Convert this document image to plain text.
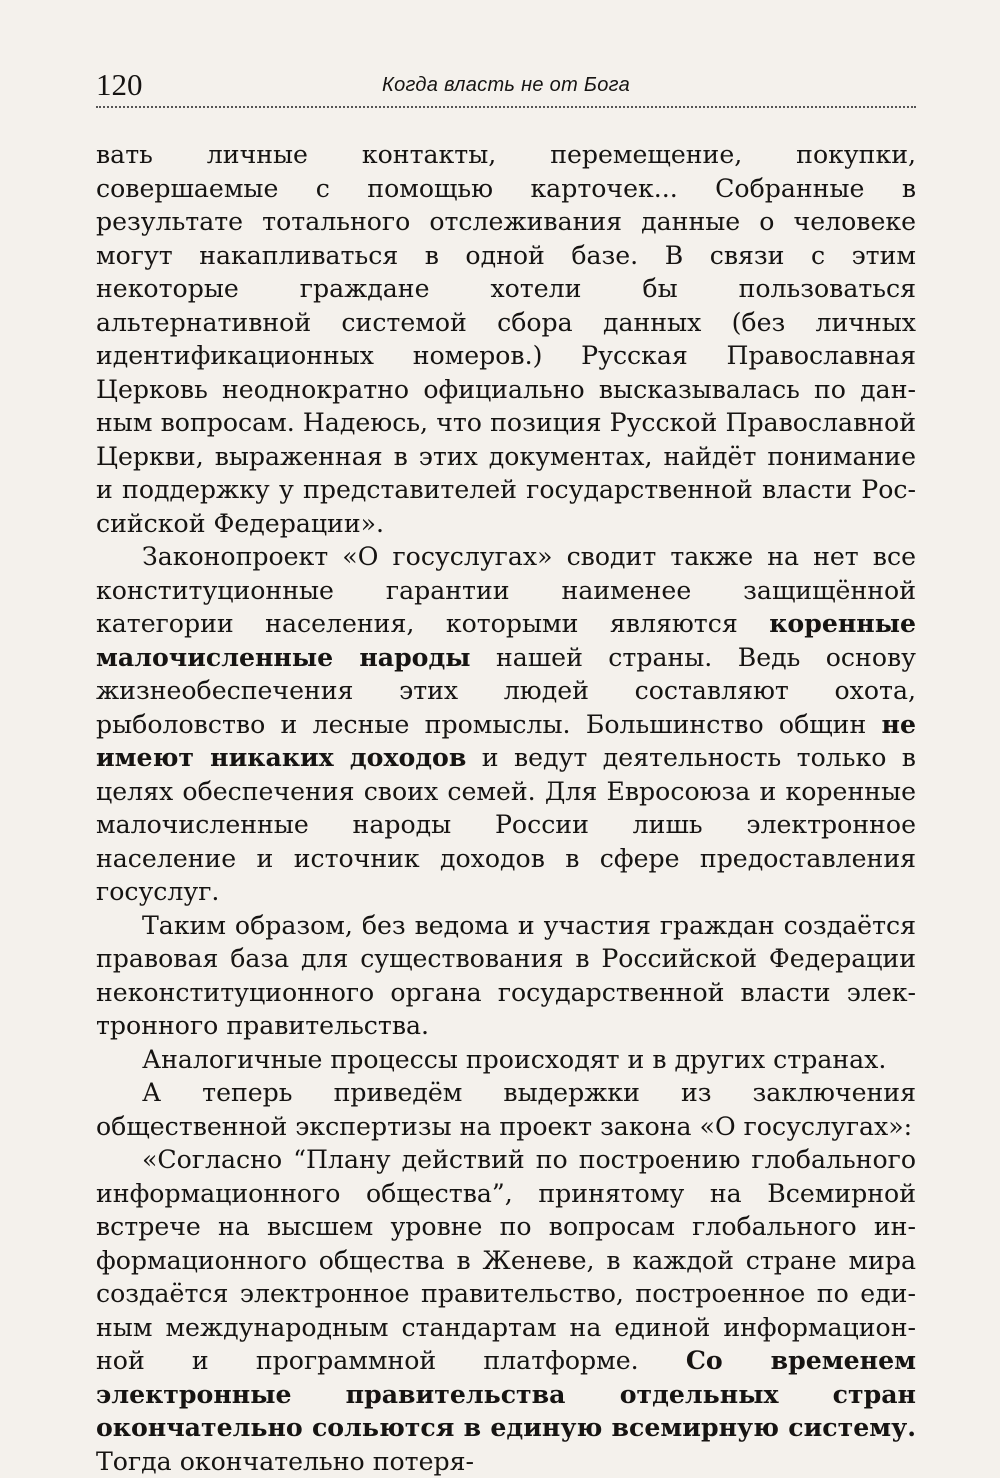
120	Когда власть не от Бога

вать личные контакты, перемещение, покупки, совершаемые с помощью карточек... Собранные в результате тотального отслеживания данные о человеке могут накапливаться в одной базе. В связи с этим некоторые граждане хотели бы пользоваться альтернативной системой сбора данных (без личных идентификационных номеров.) Русская Православная Церковь неоднократно официально высказывалась по данным вопросам. Надеюсь, что позиция Русской Православной Церкви, выраженная в этих документах, найдёт понимание и поддержку у представителей государственной власти Российской Федерации».

Законопроект «О госуслугах» сводит также на нет все конституционные гарантии наименее защищённой категории населения, которыми являются коренные малочисленные народы нашей страны. Ведь основу жизнеобеспечения этих людей составляют охота, рыболовство и лесные промыслы. Большинство общин не имеют никаких доходов и ведут деятельность только в целях обеспечения своих семей. Для Евросоюза и коренные малочисленные народы России лишь электронное население и источник доходов в сфере предоставления госуслуг.

Таким образом, без ведома и участия граждан создаётся правовая база для существования в Российской Федерации неконституционного органа государственной власти электронного правительства.

Аналогичные процессы происходят и в других странах.

А теперь приведём выдержки из заключения общественной экспертизы на проект закона «О госуслугах»:

«Согласно “Плану действий по построению глобального информационного общества”, принятому на Всемирной встрече на высшем уровне по вопросам глобального информационного общества в Женеве, в каждой стране мира создаётся электронное правительство, построенное по единым международным стандартам на единой информационной и программной платформе. Со временем электронные правительства отдельных стран окончательно сольются в единую всемирную систему. Тогда окончательно потеря-
